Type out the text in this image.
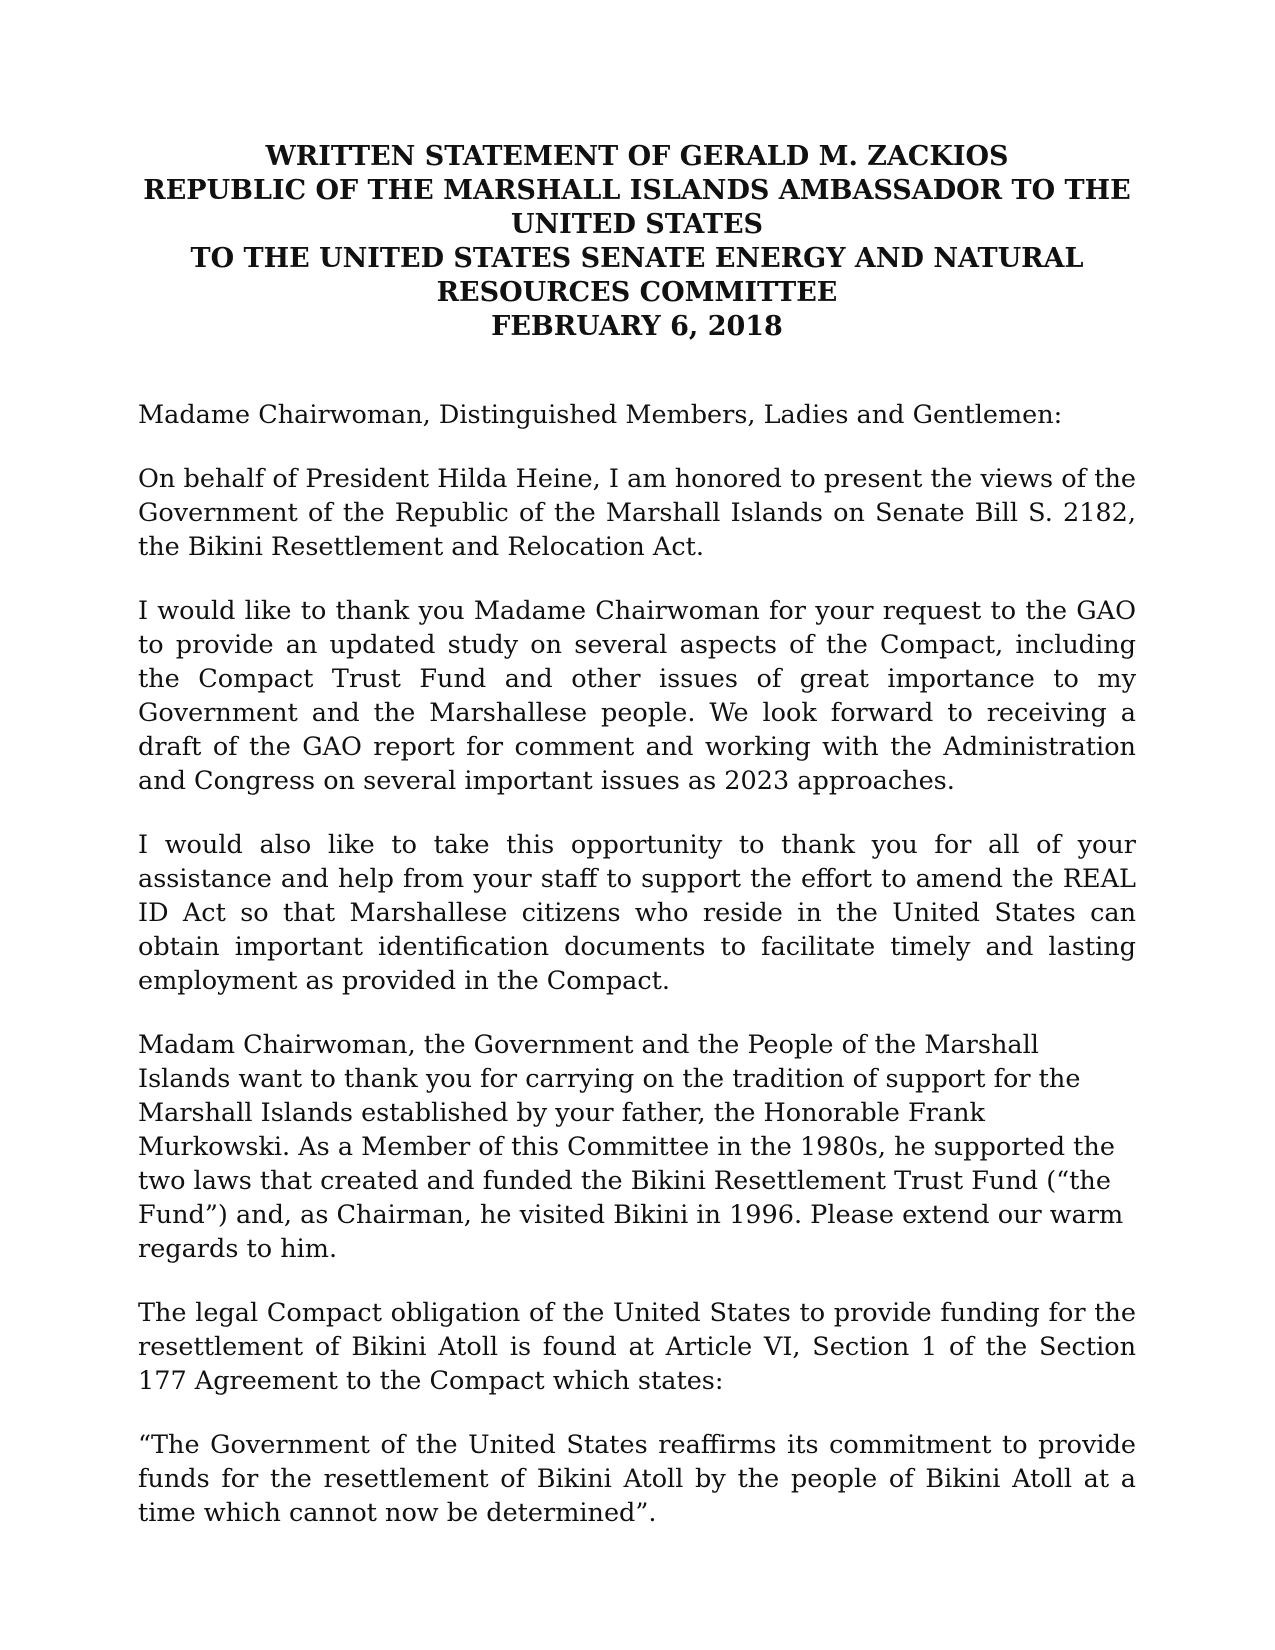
WRITTEN STATEMENT OF GERALD M. ZACKIOS
REPUBLIC OF THE MARSHALL ISLANDS AMBASSADOR TO THE UNITED STATES
TO THE UNITED STATES SENATE ENERGY AND NATURAL RESOURCES COMMITTEE
FEBRUARY 6, 2018

Madame Chairwoman, Distinguished Members, Ladies and Gentlemen:

On behalf of President Hilda Heine, I am honored to present the views of the Government of the Republic of the Marshall Islands on Senate Bill S. 2182, the Bikini Resettlement and Relocation Act.

I would like to thank you Madame Chairwoman for your request to the GAO to provide an updated study on several aspects of the Compact, including the Compact Trust Fund and other issues of great importance to my Government and the Marshallese people. We look forward to receiving a draft of the GAO report for comment and working with the Administration and Congress on several important issues as 2023 approaches.

I would also like to take this opportunity to thank you for all of your assistance and help from your staff to support the effort to amend the REAL ID Act so that Marshallese citizens who reside in the United States can obtain important identification documents to facilitate timely and lasting employment as provided in the Compact.

Madam Chairwoman, the Government and the People of the Marshall Islands want to thank you for carrying on the tradition of support for the Marshall Islands established by your father, the Honorable Frank Murkowski. As a Member of this Committee in the 1980s, he supported the two laws that created and funded the Bikini Resettlement Trust Fund (“the Fund”) and, as Chairman, he visited Bikini in 1996. Please extend our warm regards to him.

The legal Compact obligation of the United States to provide funding for the resettlement of Bikini Atoll is found at Article VI, Section 1 of the Section 177 Agreement to the Compact which states:

“The Government of the United States reaffirms its commitment to provide funds for the resettlement of Bikini Atoll by the people of Bikini Atoll at a time which cannot now be determined”.
